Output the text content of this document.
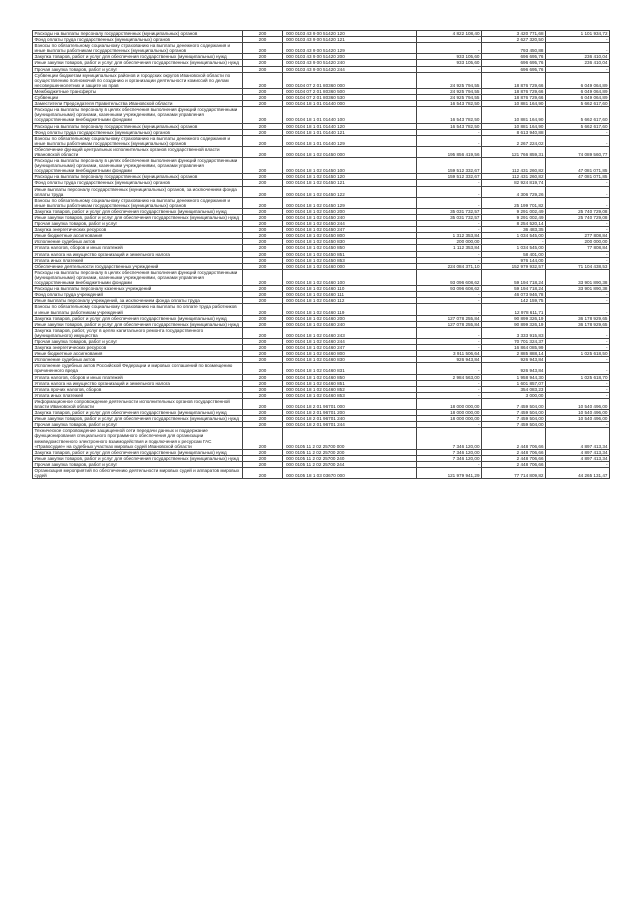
Расходы на выплаты персоналу государственных (муниципальных) органов	200	000 0103 43 9 00 51420 120	4 822 108,40	3 420 771,68	1 101 934,72
Фонд оплаты труда государственных (муниципальных) органов	200	000 0103 43 9 00 51420 121	-	2 627 320,50	-
Взносы по обязательному социальному страхованию на выплаты денежного содержания и иные выплаты работникам государственных (муниципальных) органов	200	000 0103 43 9 00 51420 129	-	793 450,88	-
Закупка товаров, работ и услуг для обеспечения государственных (муниципальных) нужд	200	000 0103 43 9 00 51420 200	933 105,60	696 695,76	236 410,04
Иные закупки товаров, работ и услуг для обеспечения государственных (муниципальных) нужд	200	000 0103 43 9 00 51420 240	933 105,60	696 695,76	236 410,04
Прочая закупка товаров, работ и услуг	200	000 0103 43 9 00 51420 244	-	696 695,76	-
Субвенции бюджетам муниципальных районов и городских округов Ивановской области по осуществлению полномочий по созданию и организации деятельности комиссий по делам несовершеннолетних и защите их прав	200	000 0104 07 2 01 80360 000	24 925 794,55	18 876 729,66	6 049 064,89
Межбюджетные трансферты	200	000 0104 07 2 01 80360 500	24 925 794,55	18 876 729,66	6 049 064,89
Субвенции	200	000 0104 07 2 01 80360 530	24 925 794,55	18 876 729,66	6 049 064,89
Заместители Председателя Правительства Ивановской области	200	000 0104 18 1 01 01440 000	16 543 782,50	10 881 164,90	5 662 617,60
Расходы на выплаты персоналу в целях обеспечения выполнения функций государственными (муниципальными) органами, казенными учреждениями, органами управления государственными внебюджетными фондами	200	000 0104 18 1 01 01440 100	16 543 782,50	10 881 164,90	5 662 617,60
Расходы на выплаты персоналу государственных (муниципальных) органов	200	000 0104 18 1 01 01440 120	16 543 782,50	10 881 164,90	5 662 617,60
Фонд оплаты труда государственных (муниципальных) органов	200	000 0104 18 1 01 01440 121	-	8 613 940,88	-
Взносы по обязательному социальному страхованию на выплаты денежного содержания и иные выплаты работникам государственных (муниципальных) органов	200	000 0104 18 1 01 01440 129	-	2 267 224,02	-
Обеспечение функций центральных исполнительных органов государственной власти Ивановской области	200	000 0104 18 1 02 01450 000	195 856 419,56	121 766 859,31	74 089 560,77
Расходы на выплаты персоналу в целях обеспечения выполнения функций государственными (муниципальными) органами, казенными учреждениями, органами управления государственными внебюджетными фондами	200	000 0104 18 1 02 01450 100	159 512 332,67	112 431 260,82	47 081 071,85
Расходы на выплаты персоналу государственных (муниципальных) органов	200	000 0104 18 1 02 01450 120	159 512 332,67	112 431 260,82	47 081 071,85
Фонд оплаты труда государственных (муниципальных) органов	200	000 0104 18 1 02 01450 121	-	82 924 819,74	-
Иные выплаты персоналу государственных (муниципальных) органов, за исключением фонда оплаты труда	200	000 0104 18 1 02 01450 122	-	4 306 729,26	-
Взносы по обязательному социальному страхованию на выплаты денежного содержания и иные выплаты работникам государственных (муниципальных) органов	200	000 0104 18 1 02 01450 129	-	25 199 701,82	-
Закупка товаров, работ и услуг для обеспечения государственных (муниципальных) нужд	200	000 0104 18 1 02 01450 200	35 031 732,57	9 291 002,49	25 740 729,08
Иные закупки товаров, работ и услуг для обеспечения государственных (муниципальных) нужд	200	000 0104 18 1 02 01450 240	35 031 732,57	9 291 002,49	25 740 729,08
Прочая закупка товаров, работ и услуг	200	000 0104 18 1 02 01450 244	-	8 254 520,14	-
Закупка энергетических ресурсов	200	000 0104 18 1 02 01450 247	-	36 483,35	-
Иные бюджетные ассигнования	200	000 0104 18 1 02 01450 800	1 312 353,84	1 034 545,00	277 808,84
Исполнение судебных актов	200	000 0104 18 1 02 01450 830	200 000,00	-	200 000,00
Уплата налогов, сборов и иных платежей	200	000 0104 18 1 02 01450 850	1 112 353,84	1 034 545,00	77 808,84
Уплата налога на имущество организаций и земельного налога	200	000 0104 18 1 02 01450 851	-	58 401,00	-
Уплата иных платежей	200	000 0104 18 1 02 01450 853	-	976 144,00	-
Обеспечение деятельности государственных учреждений	200	000 0104 18 1 02 01460 000	224 084 371,10	152 979 932,57	71 104 438,53
Расходы на выплаты персоналу в целях обеспечения выполнения функций государственными (муниципальными) органами, казенными учреждениями, органами управления государственными внебюджетными фондами	200	000 0104 18 1 02 01460 100	93 096 608,62	59 194 718,24	33 901 890,38
Расходы на выплаты персоналу казенных учреждений	200	000 0104 18 1 02 01460 110	93 096 608,62	59 194 718,24	33 901 890,38
Фонд оплаты труда учреждений	200	000 0104 18 1 02 01460 111	-	46 073 946,78	-
Иные выплаты персоналу учреждений, за исключением фонда оплаты труда	200	000 0104 18 1 02 01460 112	-	142 159,75	-
Взносы по обязательному социальному страхованию на выплаты по оплате труда работников и иные выплаты работникам учреждений	200	000 0104 18 1 02 01460 119	-	12 978 611,71	-
Закупка товаров, работ и услуг для обеспечения государственных (муниципальных) нужд	200	000 0104 18 1 02 01460 200	127 078 255,84	90 899 326,19	36 178 929,65
Иные закупки товаров, работ и услуг для обеспечения государственных (муниципальных) нужд	200	000 0104 18 1 02 01460 240	127 078 255,84	90 899 326,19	36 178 929,65
Закупка товаров, работ, услуг в целях капитального ремонта государственного (муниципального) имущества	200	000 0104 18 1 02 01460 243	-	3 333 915,83	-
Прочая закупка товаров, работ и услуг	200	000 0104 18 1 02 01460 244	-	70 701 324,37	-
Закупка энергетических ресурсов	200	000 0104 18 1 02 01460 247	-	16 864 085,99	-
Иные бюджетные ассигнования	200	000 0104 18 1 02 01460 800	3 911 506,64	2 885 888,14	1 025 618,50
Исполнение судебных актов	200	000 0104 18 1 02 01460 830	926 943,84	926 943,84	-
Исполнение судебных актов Российской Федерации и мировых соглашений по возмещению причиненного вреда	200	000 0104 18 1 02 01460 831	-	926 943,84	-
Уплата налогов, сборов и иных платежей	200	000 0104 18 1 02 01460 850	2 984 563,00	1 958 944,30	1 025 618,70
Уплата налога на имущество организаций и земельного налога	200	000 0104 18 1 02 01460 851	-	1 601 857,07	-
Уплата прочих налогов, сборов	200	000 0104 18 1 02 01460 852	-	354 083,23	-
Уплата иных платежей	200	000 0104 18 1 02 01460 853	-	3 000,00	-
Информационное сопровождение деятельности исполнительных органов государственной власти Ивановской области	200	000 0104 18 2 01 96701 000	18 000 000,00	7 459 504,00	10 540 496,00
Закупка товаров, работ и услуг для обеспечения государственных (муниципальных) нужд	200	000 0104 18 2 01 96701 200	18 000 000,00	7 459 504,00	10 540 496,00
Иные закупки товаров, работ и услуг для обеспечения государственных (муниципальных) нужд	200	000 0104 18 2 01 96701 240	18 000 000,00	7 459 504,00	10 540 496,00
Прочая закупка товаров, работ и услуг	200	000 0104 18 2 01 96701 244	-	7 459 504,00	-
Техническое сопровождение защищенной сети передачи данных и поддержание функционирования специального программного обеспечения для организации межведомственного электронного взаимодействия и подключения к ресурсам ГАС «Правосудие» на судебных участках мировых судей Ивановской области	200	000 0105 11 2 02 25700 000	7 346 120,00	2 448 706,66	4 897 413,34
Закупка товаров, работ и услуг для обеспечения государственных (муниципальных) нужд	200	000 0105 11 2 02 25700 200	7 346 120,00	2 448 706,66	4 897 413,34
Иные закупки товаров, работ и услуг для обеспечения государственных (муниципальных) нужд	200	000 0105 11 2 02 25700 240	7 346 120,00	2 448 706,66	4 897 413,34
Прочая закупка товаров, работ и услуг	200	000 0105 11 2 02 25700 244	-	2 448 706,66	-
Организация мероприятий по обеспечению деятельности мировых судей и аппаратов мировых судей	200	000 0105 18 1 03 03670 000	121 979 941,29	77 714 809,82	44 265 131,47
